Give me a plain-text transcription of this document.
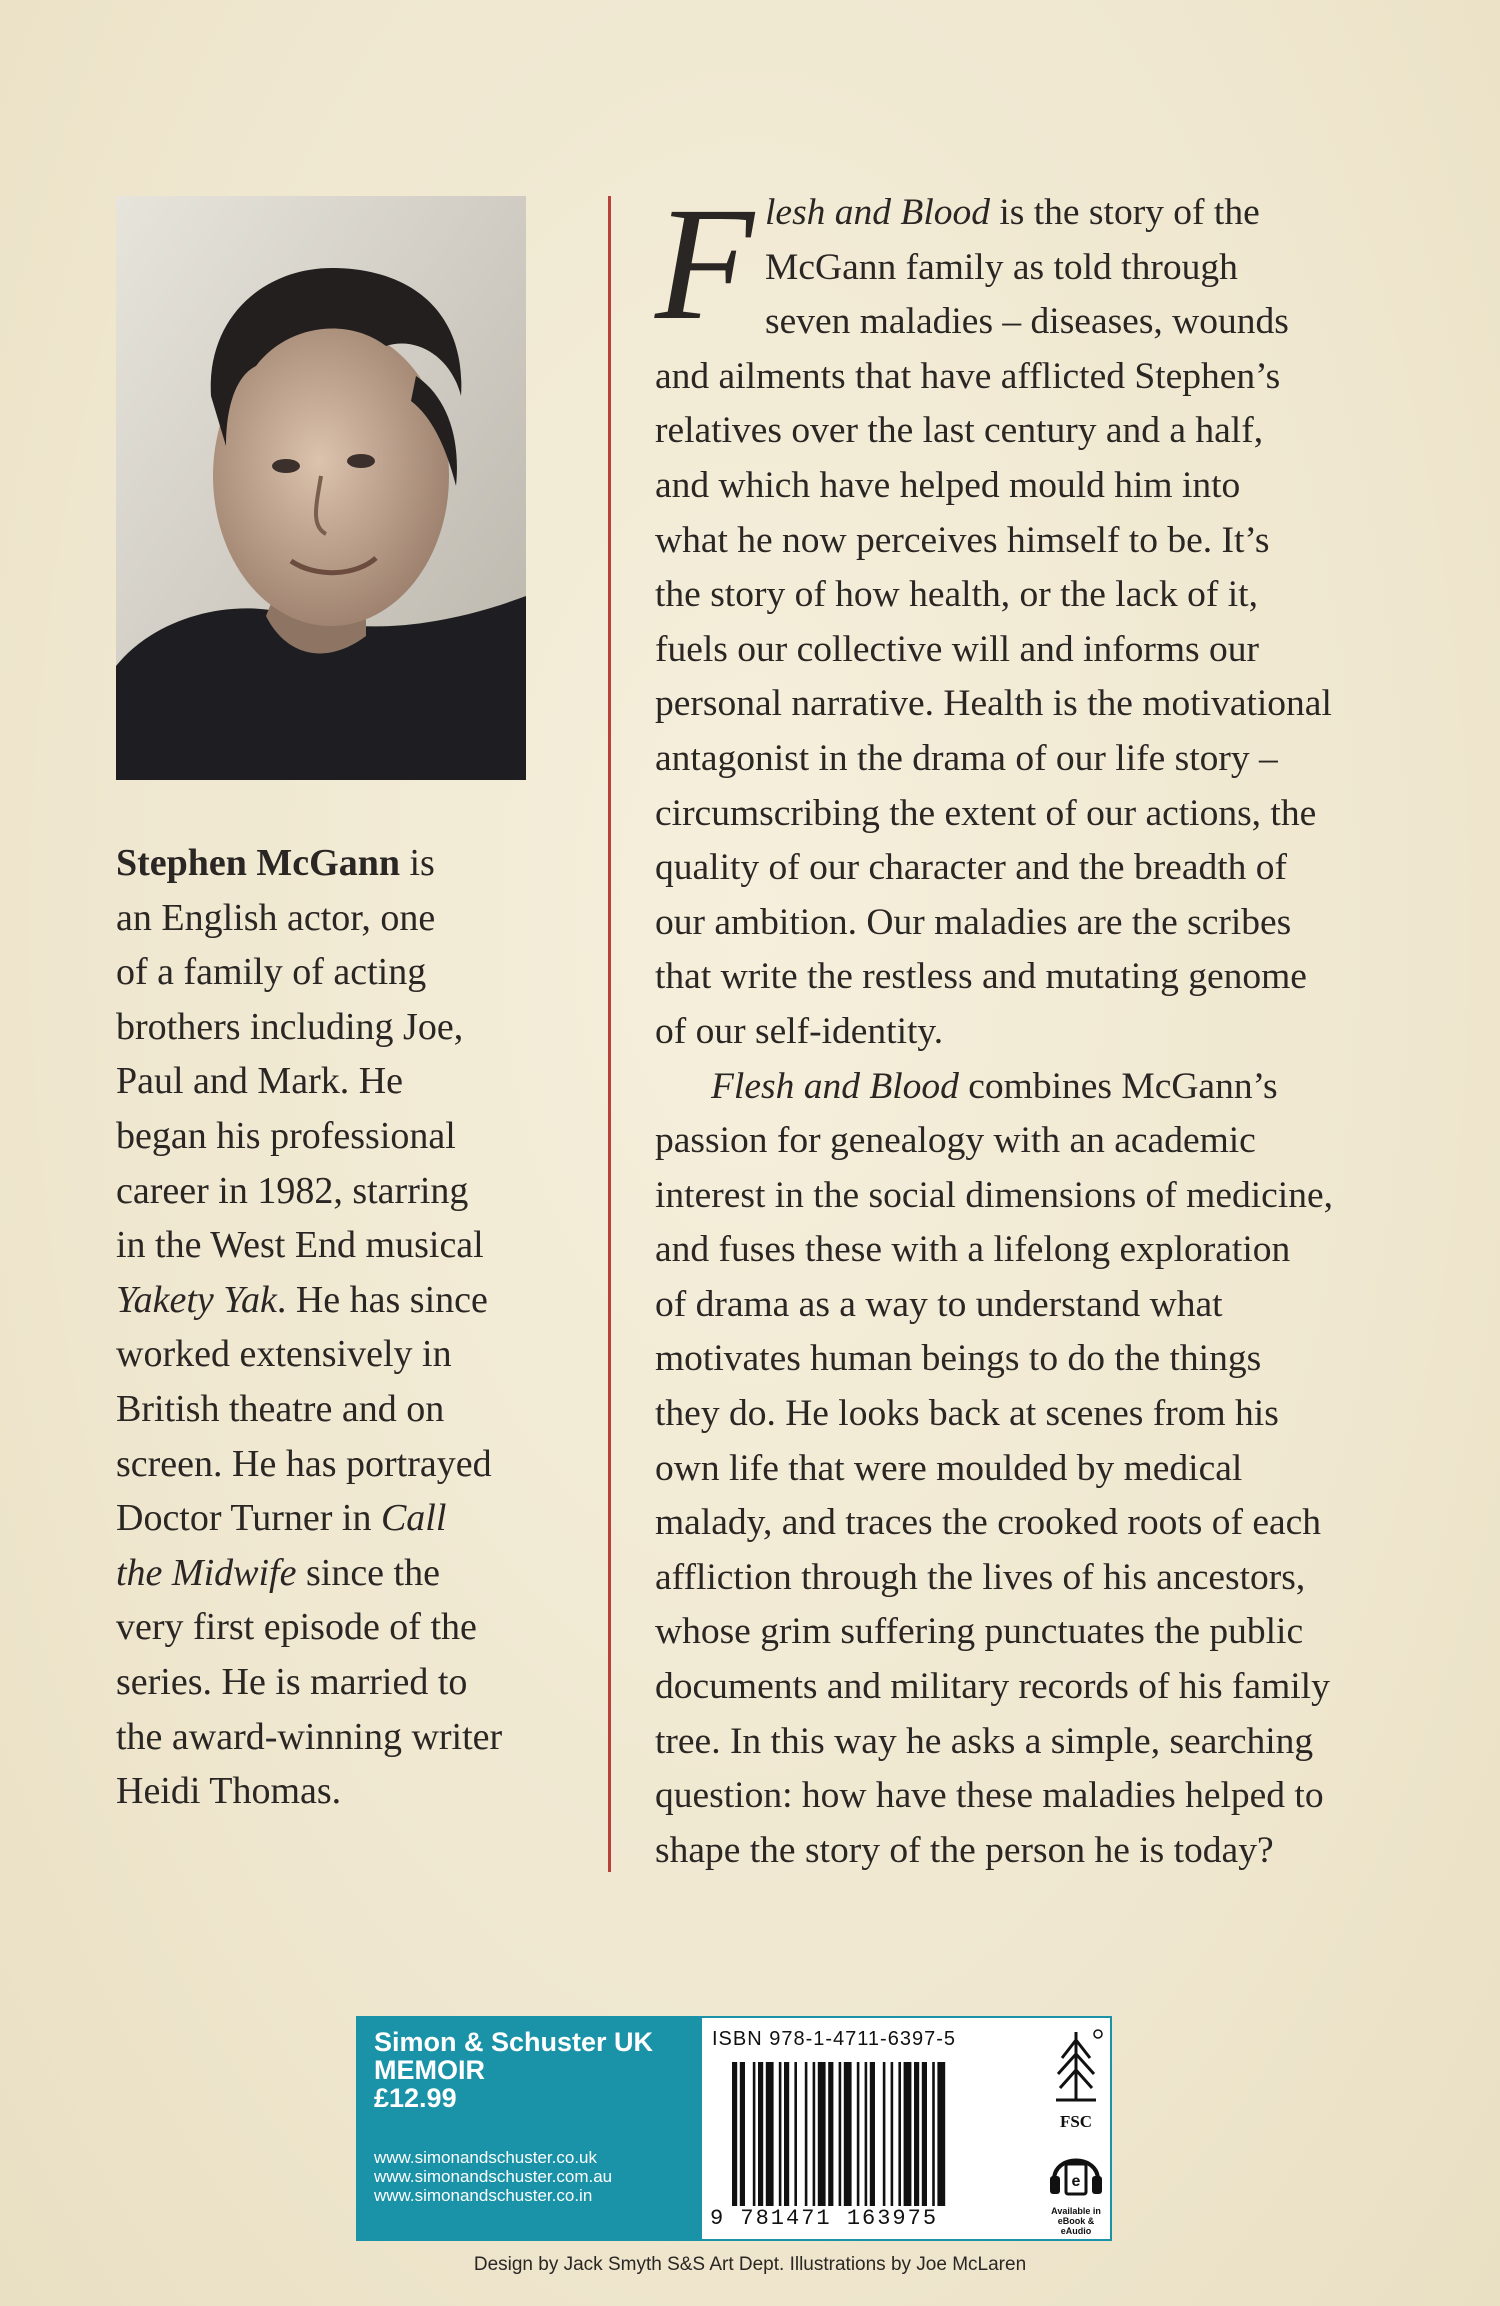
Stephen McGann is
an English actor, one
of a family of acting
brothers including Joe,
Paul and Mark. He
began his professional
career in 1982, starring
in the West End musical
Yakety Yak. He has since
worked extensively in
British theatre and on
screen. He has portrayed
Doctor Turner in Call
the Midwife since the
very first episode of the
series. He is married to
the award-winning writer
Heidi Thomas.
F lesh and Blood is the story of the
McGann family as told through
seven maladies – diseases, wounds
and ailments that have afflicted Stephen’s
relatives over the last century and a half,
and which have helped mould him into
what he now perceives himself to be. It’s
the story of how health, or the lack of it,
fuels our collective will and informs our
personal narrative. Health is the motivational
antagonist in the drama of our life story –
circumscribing the extent of our actions, the
quality of our character and the breadth of
our ambition. Our maladies are the scribes
that write the restless and mutating genome
of our self-identity.
Flesh and Blood combines McGann’s
passion for genealogy with an academic
interest in the social dimensions of medicine,
and fuses these with a lifelong exploration
of drama as a way to understand what
motivates human beings to do the things
they do. He looks back at scenes from his
own life that were moulded by medical
malady, and traces the crooked roots of each
affliction through the lives of his ancestors,
whose grim suffering punctuates the public
documents and military records of his family
tree. In this way he asks a simple, searching
question: how have these maladies helped to
shape the story of the person he is today?
Simon & Schuster UK
MEMOIR
£12.99
www.simonandschuster.co.uk
www.simonandschuster.com.au
www.simonandschuster.co.in
ISBN 978-1-4711-6397-5
9 781471 163975
FSC
e
Available in eBook & eAudio
Design by Jack Smyth S&S Art Dept. Illustrations by Joe McLaren
